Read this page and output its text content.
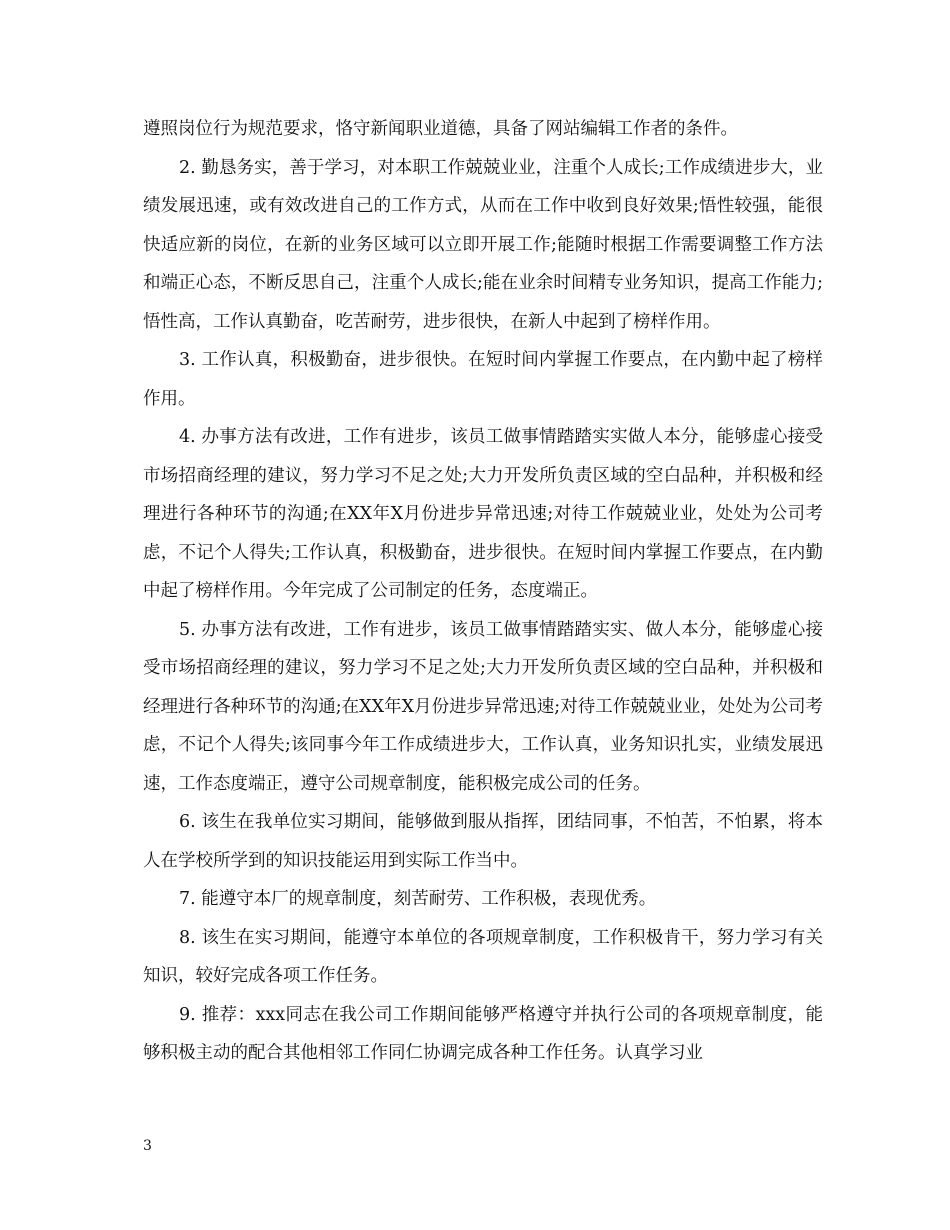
遵照岗位行为规范要求，恪守新闻职业道德，具备了网站编辑工作者的条件。

2. 勤恳务实，善于学习，对本职工作兢兢业业，注重个人成长;工作成绩进步大，业绩发展迅速，或有效改进自己的工作方式，从而在工作中收到良好效果;悟性较强，能很快适应新的岗位，在新的业务区域可以立即开展工作;能随时根据工作需要调整工作方法和端正心态，不断反思自己，注重个人成长;能在业余时间精专业务知识，提高工作能力;悟性高，工作认真勤奋，吃苦耐劳，进步很快，在新人中起到了榜样作用。

3. 工作认真，积极勤奋，进步很快。在短时间内掌握工作要点，在内勤中起了榜样作用。

4. 办事方法有改进，工作有进步，该员工做事情踏踏实实做人本分，能够虚心接受市场招商经理的建议，努力学习不足之处;大力开发所负责区域的空白品种，并积极和经理进行各种环节的沟通;在XX年X月份进步异常迅速;对待工作兢兢业业，处处为公司考虑，不记个人得失;工作认真，积极勤奋，进步很快。在短时间内掌握工作要点，在内勤中起了榜样作用。今年完成了公司制定的任务，态度端正。

5. 办事方法有改进，工作有进步，该员工做事情踏踏实实、做人本分，能够虚心接受市场招商经理的建议，努力学习不足之处;大力开发所负责区域的空白品种，并积极和经理进行各种环节的沟通;在XX年X月份进步异常迅速;对待工作兢兢业业，处处为公司考虑，不记个人得失;该同事今年工作成绩进步大，工作认真，业务知识扎实，业绩发展迅速，工作态度端正，遵守公司规章制度，能积极完成公司的任务。

6. 该生在我单位实习期间，能够做到服从指挥，团结同事，不怕苦，不怕累，将本人在学校所学到的知识技能运用到实际工作当中。

7. 能遵守本厂的规章制度，刻苦耐劳、工作积极，表现优秀。

8. 该生在实习期间，能遵守本单位的各项规章制度，工作积极肯干，努力学习有关知识，较好完成各项工作任务。

9. 推荐：xxx同志在我公司工作期间能够严格遵守并执行公司的各项规章制度，能够积极主动的配合其他相邻工作同仁协调完成各种工作任务。认真学习业

3
